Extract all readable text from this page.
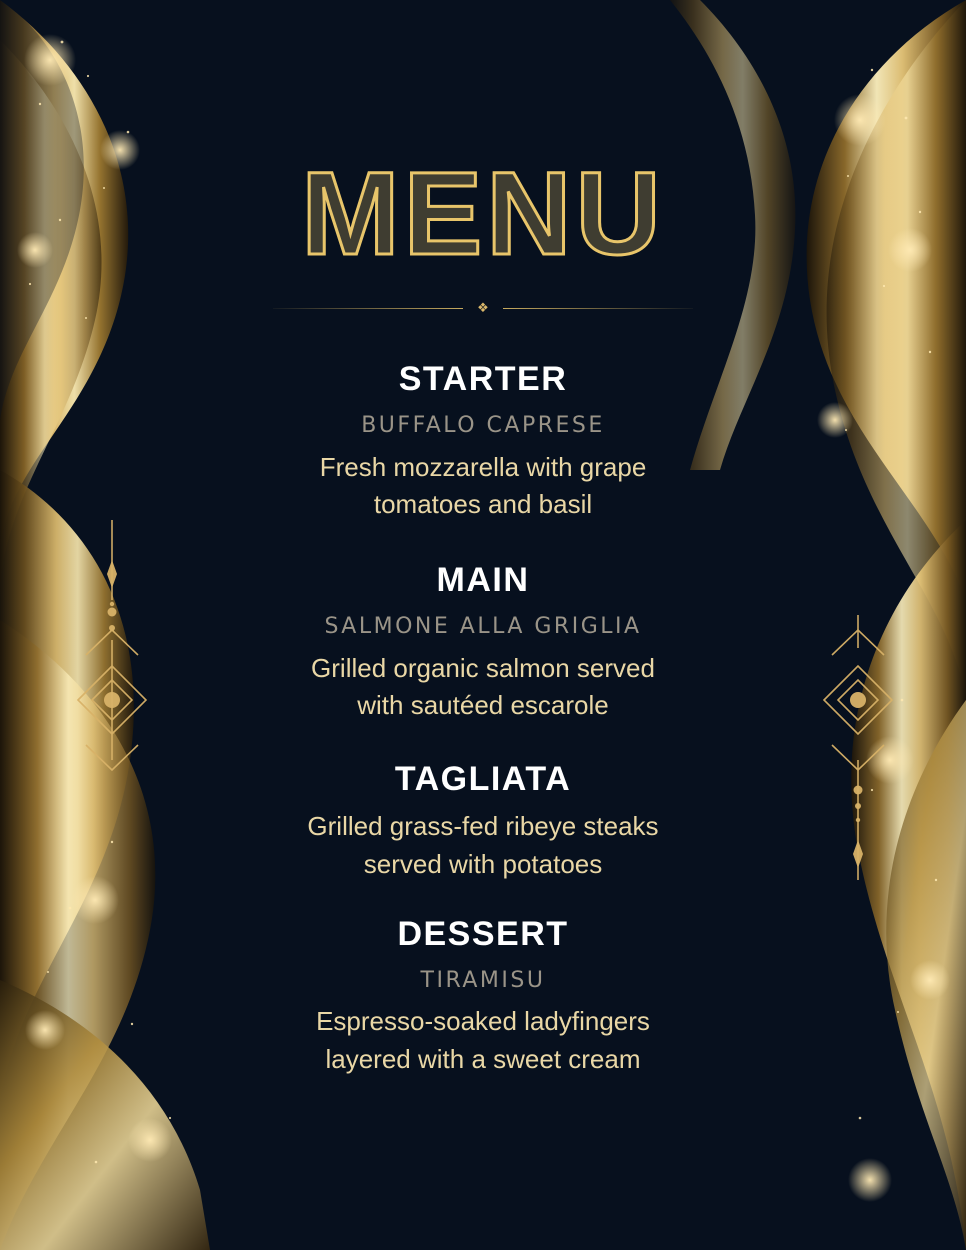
MENU
❖
STARTER
BUFFALO CAPRESE
Fresh mozzarella with grape
tomatoes and basil
MAIN
SALMONE ALLA GRIGLIA
Grilled organic salmon served
with sautéed escarole
TAGLIATA
Grilled grass-fed ribeye steaks
served with potatoes
DESSERT
TIRAMISU
Espresso-soaked ladyfingers
layered with a sweet cream
